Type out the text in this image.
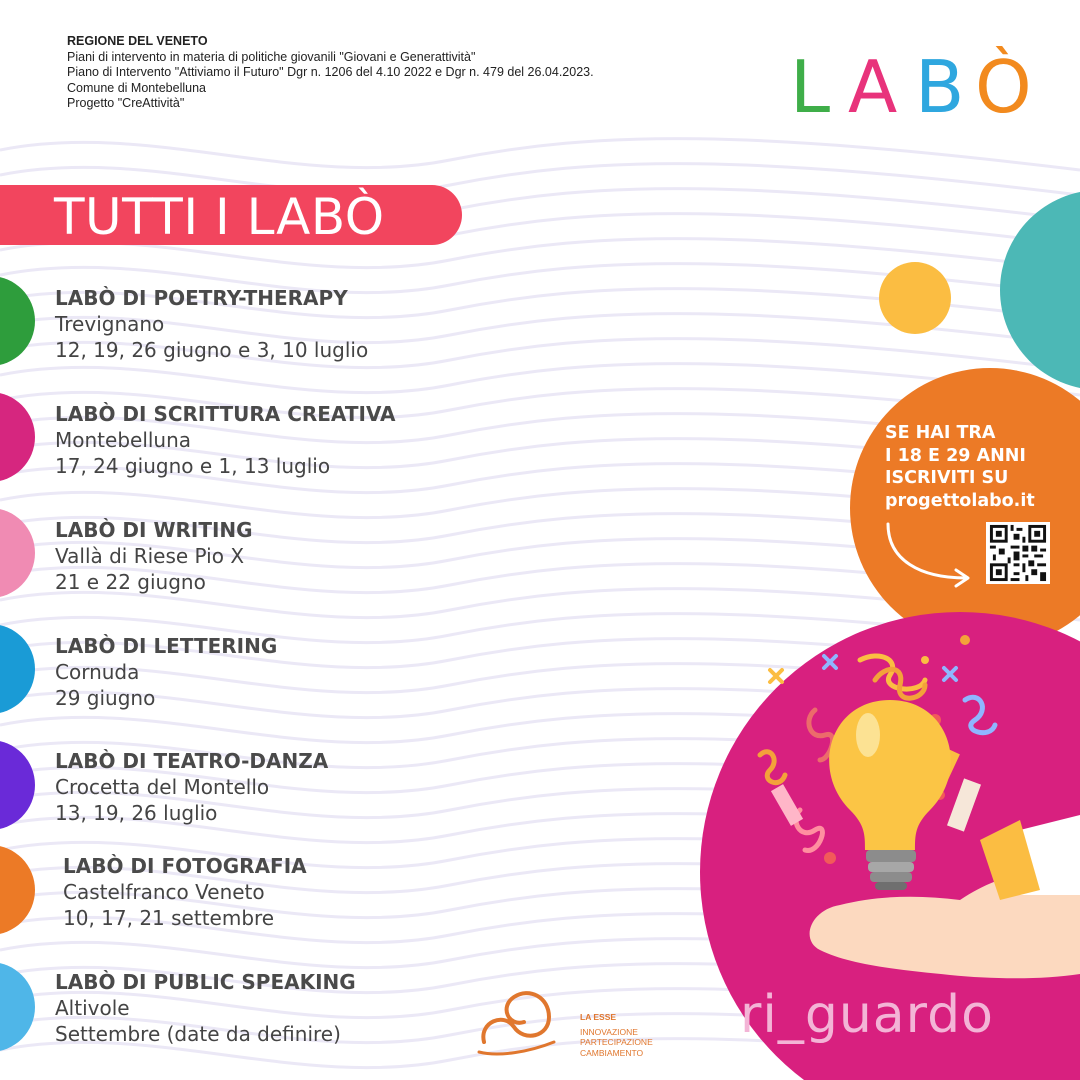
REGIONE DEL VENETO
Piani di intervento in materia di politiche giovanili "Giovani e Generattività"
Piano di Intervento "Attiviamo il Futuro" Dgr n. 1206 del 4.10 2022 e Dgr n. 479 del 26.04.2023.
Comune di Montebelluna
Progetto "CreAttività"	L A B Ò
TUTTI I LABÒ
LABÒ DI POETRY-THERAPY
Trevignano
12, 19, 26 giugno e 3, 10 luglio
LABÒ DI SCRITTURA CREATIVA
Montebelluna
17, 24 giugno e 1, 13 luglio
LABÒ DI WRITING
Vallà di Riese Pio X
21 e 22 giugno
LABÒ DI LETTERING
Cornuda
29 giugno
LABÒ DI TEATRO-DANZA
Crocetta del Montello
13, 19, 26 luglio
LABÒ DI FOTOGRAFIA
Castelfranco Veneto
10, 17, 21 settembre
LABÒ DI PUBLIC SPEAKING
Altivole
Settembre (date da definire)
SE HAI TRA
I 18 E 29 ANNI
ISCRIVITI SU
progettolabo.it
ri_guardo
LA ESSE
INNOVAZIONE
PARTECIPAZIONE
CAMBIAMENTO
